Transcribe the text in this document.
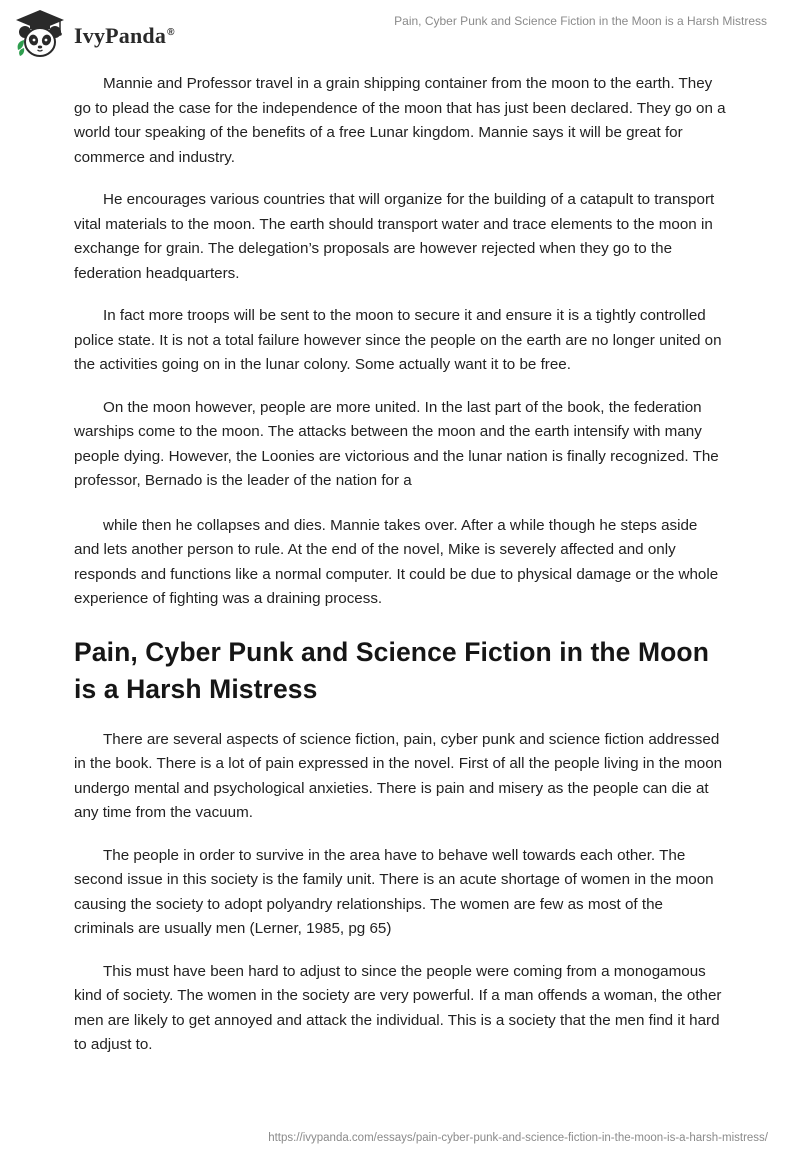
IvyPanda®
Pain, Cyber Punk and Science Fiction in the Moon is a Harsh Mistress

Mannie and Professor travel in a grain shipping container from the moon to the earth. They go to plead the case for the independence of the moon that has just been declared. They go on a world tour speaking of the benefits of a free Lunar kingdom. Mannie says it will be great for commerce and industry.

He encourages various countries that will organize for the building of a catapult to transport vital materials to the moon. The earth should transport water and trace elements to the moon in exchange for grain. The delegation’s proposals are however rejected when they go to the federation headquarters.

In fact more troops will be sent to the moon to secure it and ensure it is a tightly controlled police state. It is not a total failure however since the people on the earth are no longer united on the activities going on in the lunar colony. Some actually want it to be free.

On the moon however, people are more united. In the last part of the book, the federation warships come to the moon. The attacks between the moon and the earth intensify with many people dying. However, the Loonies are victorious and the lunar nation is finally recognized. The professor, Bernado is the leader of the nation for a

while then he collapses and dies. Mannie takes over. After a while though he steps aside and lets another person to rule. At the end of the novel, Mike is severely affected and only responds and functions like a normal computer. It could be due to physical damage or the whole experience of fighting was a draining process.

Pain, Cyber Punk and Science Fiction in the Moon is a Harsh Mistress

There are several aspects of science fiction, pain, cyber punk and science fiction addressed in the book. There is a lot of pain expressed in the novel. First of all the people living in the moon undergo mental and psychological anxieties. There is pain and misery as the people can die at any time from the vacuum.

The people in order to survive in the area have to behave well towards each other. The second issue in this society is the family unit. There is an acute shortage of women in the moon causing the society to adopt polyandry relationships. The women are few as most of the criminals are usually men (Lerner, 1985, pg 65)

This must have been hard to adjust to since the people were coming from a monogamous kind of society. The women in the society are very powerful. If a man offends a woman, the other men are likely to get annoyed and attack the individual. This is a society that the men find it hard to adjust to.

https://ivypanda.com/essays/pain-cyber-punk-and-science-fiction-in-the-moon-is-a-harsh-mistress/
